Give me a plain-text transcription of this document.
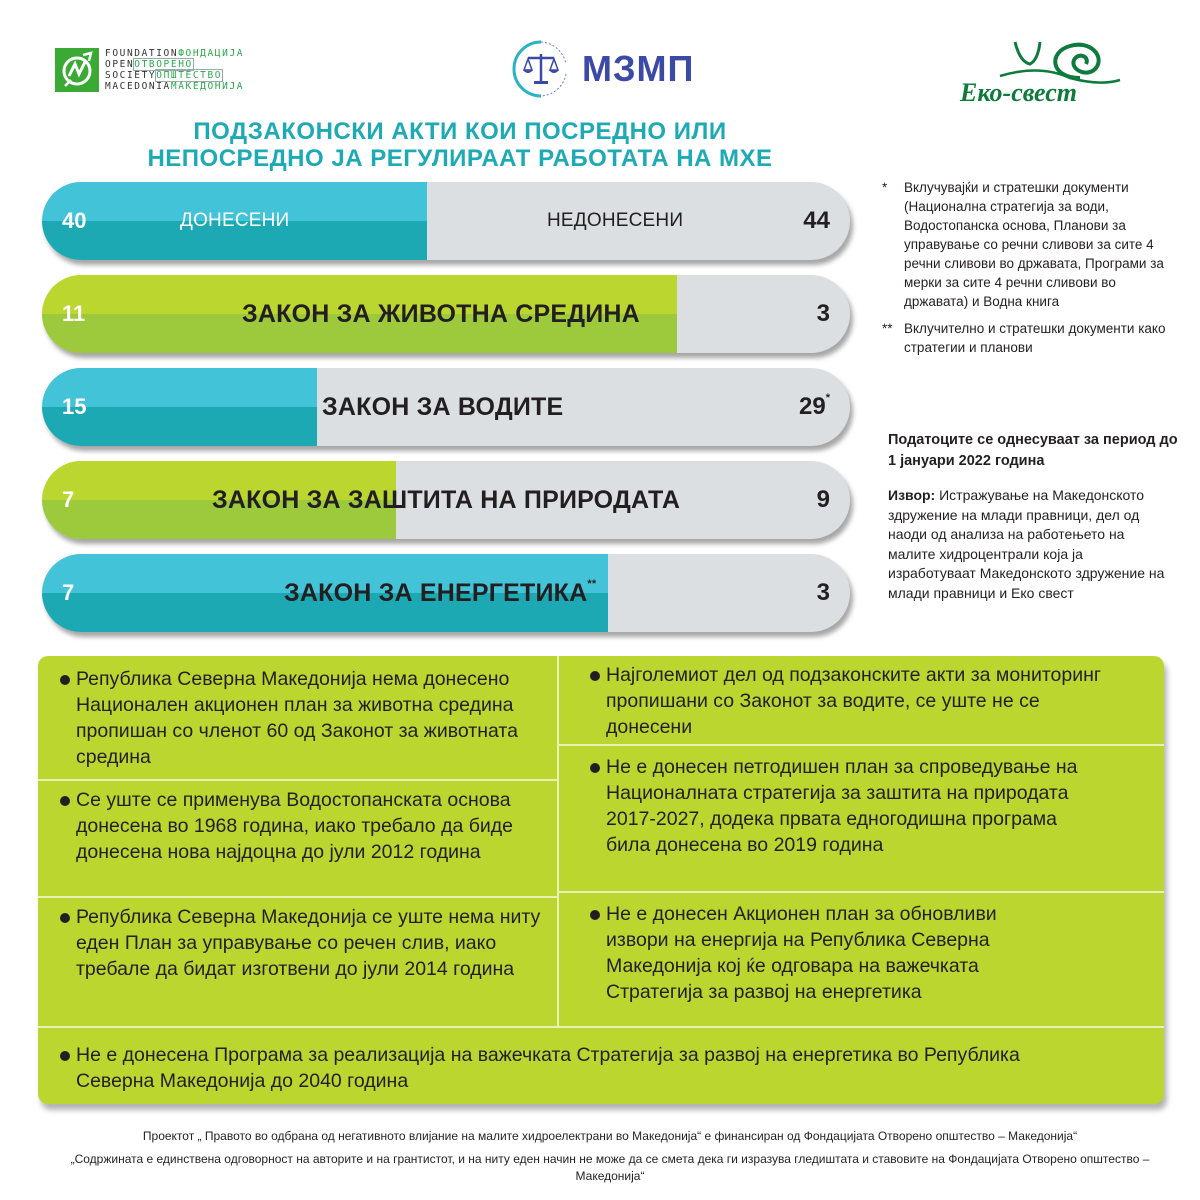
FOUNDATIONФОНДАЦИЈА
OPENОТВОРЕНО
SOCIETYОПШТЕСТВО
MACEDONIAМАКЕДОНИЈА	МЗМП
Еко-свест
ПОДЗАКОНСКИ АКТИ КОИ ПОСРЕДНО ИЛИ
НЕПОСРЕДНО ЈА РЕГУЛИРААТ РАБОТАТА НА МХЕ
40	ДОНЕСЕНИ	НЕДОНЕСЕНИ	44
11	ЗАКОН ЗА ЖИВОТНА СРЕДИНА	3
15	ЗАКОН ЗА ВОДИТЕ	29*
7	ЗАКОН ЗА ЗАШТИТА НА ПРИРОДАТА	9
7	ЗАКОН ЗА ЕНЕРГЕТИКА**	3
*	Вклучувајќи и стратешки документи (Национална стратегија за води, Водостопанска основа, Планови за управување со речни сливови за сите 4 речни сливови во државата, Програми за мерки за сите 4 речни сливови во државата) и Водна книга
** Вклучително и стратешки документи како стратегии и планови
Податоците се однесуваат за период до 1 јануари 2022 година
Извор: Истражување на Македонското здружение на млади правници, дел од наоди од анализа на работењето на малите хидроцентрали која ја изработуваат Македонското здружение на млади правници и Еко свест
Република Северна Македонија нема донесено Национален акционен план за животна средина пропишан со членот 60 од Законот за животната средина
Се уште се применува Водостопанската основа донесена во 1968 година, иако требало да биде донесена нова најдоцна до јули 2012 година
Република Северна Македонија се уште нема ниту еден План за управување со речен слив, иако требале да бидат изготвени до јули 2014 година
Најголемиот дел од подзаконските акти за мониторинг пропишани со Законот за водите, се уште не се донесени
Не е донесен петгодишен план за спроведување на Националната стратегија за заштита на природата 2017-2027, додека првата едногодишна програма била донесена во 2019 година
Не е донесен Акционен план за обновливи извори на енергија на Република Северна Македонија кој ќе одговара на важечката Стратегија за развој на енергетика
Не е донесена Програма за реализација на важечката Стратегија за развој на енергетика во Република Северна Македонија до 2040 година

Проектот „ Правото во одбрана од негативното влијание на малите хидроелектрани во Македонија“ е финансиран од Фондацијата Отворено општество – Македонија“

„Содржината е единствена одговорност на авторите и на грантистот, и на ниту еден начин не може да се смета дека ги изразува гледиштата и ставовите на Фондацијата Отворено општество – Македонија“
